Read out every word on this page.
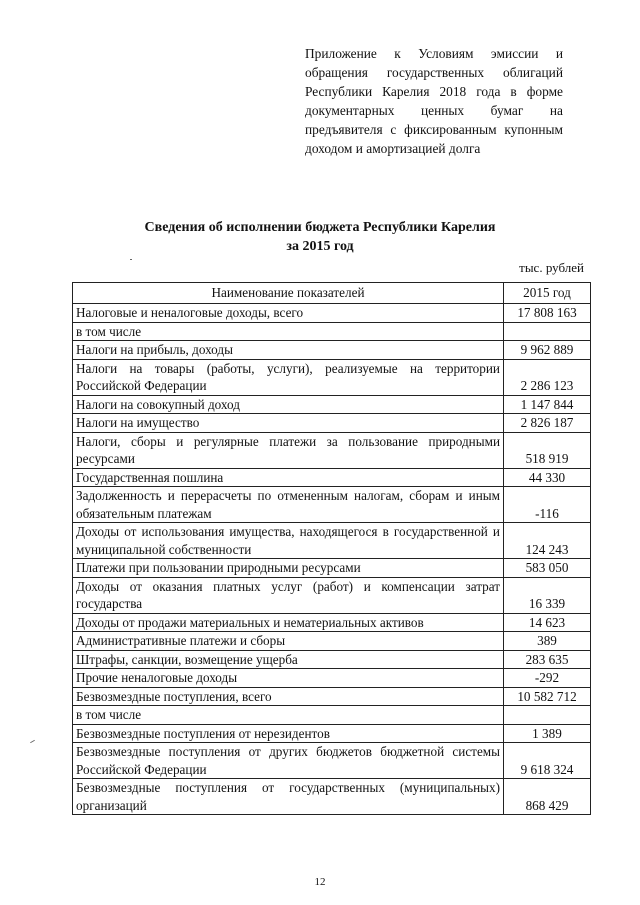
Приложение к Условиям эмиссии и обращения государственных облигаций Республики Карелия 2018 года в форме документарных ценных бумаг на предъявителя с фиксированным купонным доходом и амортизацией долга
Сведения об исполнении бюджета Республики Карелия
за 2015 год
тыс. рублей
Наименование показателей	2015 год
Налоговые и неналоговые доходы, всего	17 808 163
в том числе	
Налоги на прибыль, доходы	9 962 889
Налоги на товары (работы, услуги), реализуемые на территории Российской Федерации	2 286 123
Налоги на совокупный доход	1 147 844
Налоги на имущество	2 826 187
Налоги, сборы и регулярные платежи за пользование природными ресурсами	518 919
Государственная пошлина	44 330
Задолженность и перерасчеты по отмененным налогам, сборам и иным обязательным платежам	-116
Доходы от использования имущества, находящегося в государственной и муниципальной собственности	124 243
Платежи при пользовании природными ресурсами	583 050
Доходы от оказания платных услуг (работ) и компенсации затрат государства	16 339
Доходы от продажи материальных и нематериальных активов	14 623
Административные платежи и сборы	389
Штрафы, санкции, возмещение ущерба	283 635
Прочие неналоговые доходы	-292
Безвозмездные поступления, всего	10 582 712
в том числе	
Безвозмездные поступления от нерезидентов	1 389
Безвозмездные поступления от других бюджетов бюджетной системы Российской Федерации	9 618 324
Безвозмездные поступления от государственных (муниципальных) организаций	868 429
12
